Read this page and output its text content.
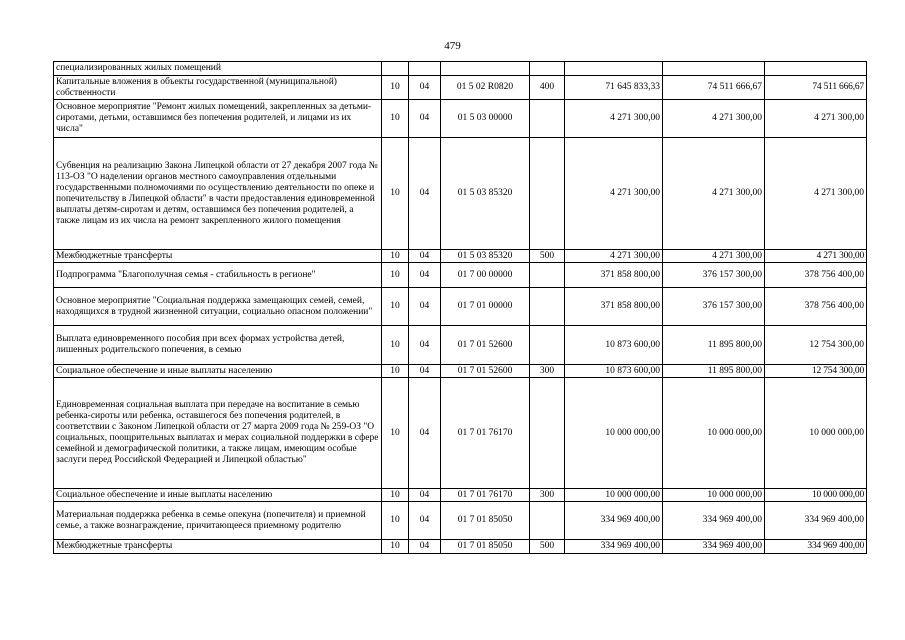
479
специализированных жилых помещений							
Капитальные вложения в объекты государственной (муниципальной) собственности	10	04	01 5 02 R0820	400	71 645 833,33	74 511 666,67	74 511 666,67
Основное мероприятие "Ремонт жилых помещений, закрепленных за детьми-сиротами, детьми, оставшимся без попечения родителей, и лицами из их числа"	10	04	01 5 03 00000		4 271 300,00	4 271 300,00	4 271 300,00
Субвенция на реализацию Закона Липецкой области от 27 декабря 2007 года № 113-ОЗ "О наделении органов местного самоуправления отдельными государственными полномочиями по осуществлению деятельности по опеке и попечительству в Липецкой области" в части предоставления единовременной выплаты детям-сиротам и детям, оставшимся без попечения родителей, а также лицам из их числа на ремонт закрепленного жилого помещения	10	04	01 5 03 85320		4 271 300,00	4 271 300,00	4 271 300,00
Межбюджетные трансферты	10	04	01 5 03 85320	500	4 271 300,00	4 271 300,00	4 271 300,00
Подпрограмма "Благополучная семья - стабильность в регионе"	10	04	01 7 00 00000		371 858 800,00	376 157 300,00	378 756 400,00
Основное мероприятие "Социальная поддержка замещающих семей, семей, находящихся в трудной жизненной ситуации, социально опасном положении"	10	04	01 7 01 00000		371 858 800,00	376 157 300,00	378 756 400,00
Выплата единовременного пособия при всех формах устройства детей, лишенных родительского попечения, в семью	10	04	01 7 01 52600		10 873 600,00	11 895 800,00	12 754 300,00
Социальное обеспечение и иные выплаты населению	10	04	01 7 01 52600	300	10 873 600,00	11 895 800,00	12 754 300,00
Единовременная социальная выплата при передаче на воспитание в семью ребенка-сироты или ребенка, оставшегося без попечения родителей, в соответствии с Законом Липецкой области от 27 марта 2009 года № 259-ОЗ "О социальных, поощрительных выплатах и мерах социальной поддержки в сфере семейной и демографической политики, а также лицам, имеющим особые заслуги перед Российской Федерацией и Липецкой областью"	10	04	01 7 01 76170		10 000 000,00	10 000 000,00	10 000 000,00
Социальное обеспечение и иные выплаты населению	10	04	01 7 01 76170	300	10 000 000,00	10 000 000,00	10 000 000,00
Материальная поддержка ребенка в семье опекуна (попечителя) и приемной семье, а также вознаграждение, причитающееся приемному родителю	10	04	01 7 01 85050		334 969 400,00	334 969 400,00	334 969 400,00
Межбюджетные трансферты	10	04	01 7 01 85050	500	334 969 400,00	334 969 400,00	334 969 400,00
